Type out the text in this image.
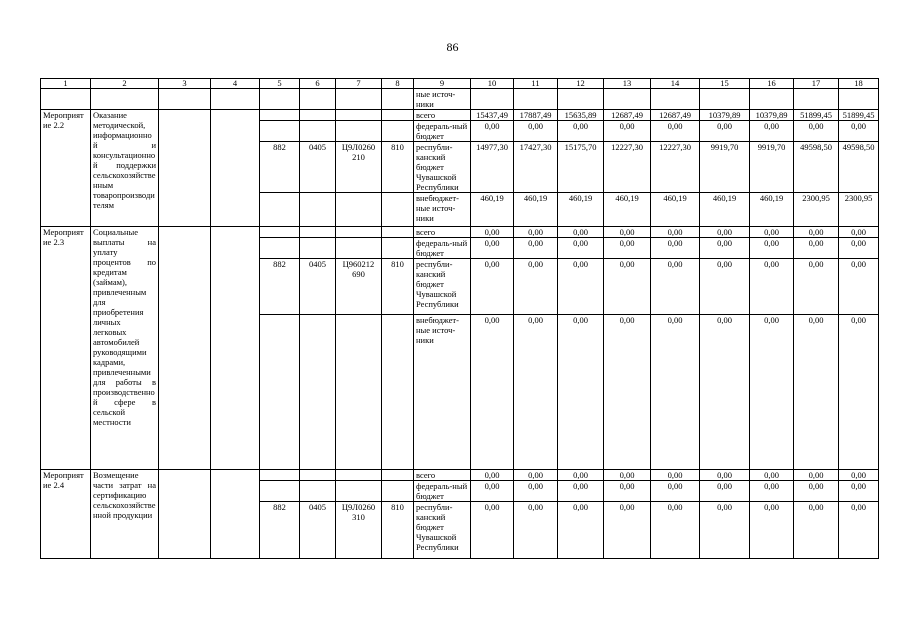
86
1	2	3	4	5	6	7	8	9	10	11	12	13	14	15	16	17	18
								ные источ-ники									
Мероприятие 2.2	Оказание методической, информационной и консультационной поддержки сельскохозяйственным товаропроизводителям							всего	15437,49	17887,49	15635,89	12687,49	12687,49	10379,89	10379,89	51899,45	51899,45
								федераль-ный бюджет	0,00	0,00	0,00	0,00	0,00	0,00	0,00	0,00	0,00
				882	0405	Ц9Л0260 210	810	республи-канский бюджет Чувашской Республики	14977,30	17427,30	15175,70	12227,30	12227,30	9919,70	9919,70	49598,50	49598,50
								внебюджет-ные источ-ники	460,19	460,19	460,19	460,19	460,19	460,19	460,19	2300,95	2300,95
Мероприятие 2.3	Социальные выплаты на уплату процентов по кредитам (займам), привлеченным для приобретения личных легковых автомобилей руководящими кадрами, привлеченными для работы в производственной сфере в сельской местности							всего	0,00	0,00	0,00	0,00	0,00	0,00	0,00	0,00	0,00
								федераль-ный бюджет	0,00	0,00	0,00	0,00	0,00	0,00	0,00	0,00	0,00
				882	0405	Ц960212 690	810	республи-канский бюджет Чувашской Республики	0,00	0,00	0,00	0,00	0,00	0,00	0,00	0,00	0,00
								внебюджет-ные источ-ники	0,00	0,00	0,00	0,00	0,00	0,00	0,00	0,00	0,00
Мероприятие 2.4	Возмещение части затрат на сертификацию сельскохозяйственной продукции							всего	0,00	0,00	0,00	0,00	0,00	0,00	0,00	0,00	0,00
								федераль-ный бюджет	0,00	0,00	0,00	0,00	0,00	0,00	0,00	0,00	0,00
				882	0405	Ц9Л0260 310	810	республи-канский бюджет Чувашской Республики	0,00	0,00	0,00	0,00	0,00	0,00	0,00	0,00	0,00
